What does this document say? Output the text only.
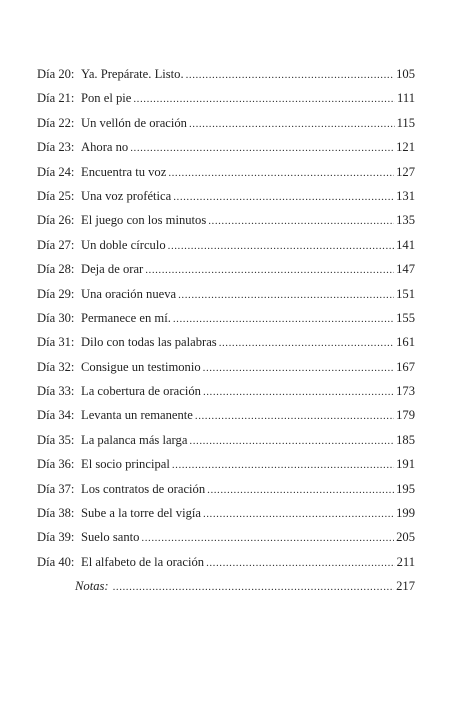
Día 20: Ya. Prepárate. Listo. . . .	105
Día 21: Pon el pie . . .	111
Día 22: Un vellón de oración . . .	115
Día 23: Ahora no . . .	121
Día 24: Encuentra tu voz . . .	127
Día 25: Una voz profética . . .	131
Día 26: El juego con los minutos . . .	135
Día 27: Un doble círculo . . .	141
Día 28: Deja de orar . . .	147
Día 29: Una oración nueva . . .	151
Día 30: Permanece en mí. . . .	155
Día 31: Dilo con todas las palabras . . .	161
Día 32: Consigue un testimonio . . .	167
Día 33: La cobertura de oración . . .	173
Día 34: Levanta un remanente . . .	179
Día 35: La palanca más larga . . .	185
Día 36: El socio principal . . .	191
Día 37: Los contratos de oración . . .	195
Día 38: Sube a la torre del vigía . . .	199
Día 39: Suelo santo . . .	205
Día 40: El alfabeto de la oración . . .	211
Notas: . . .	217
